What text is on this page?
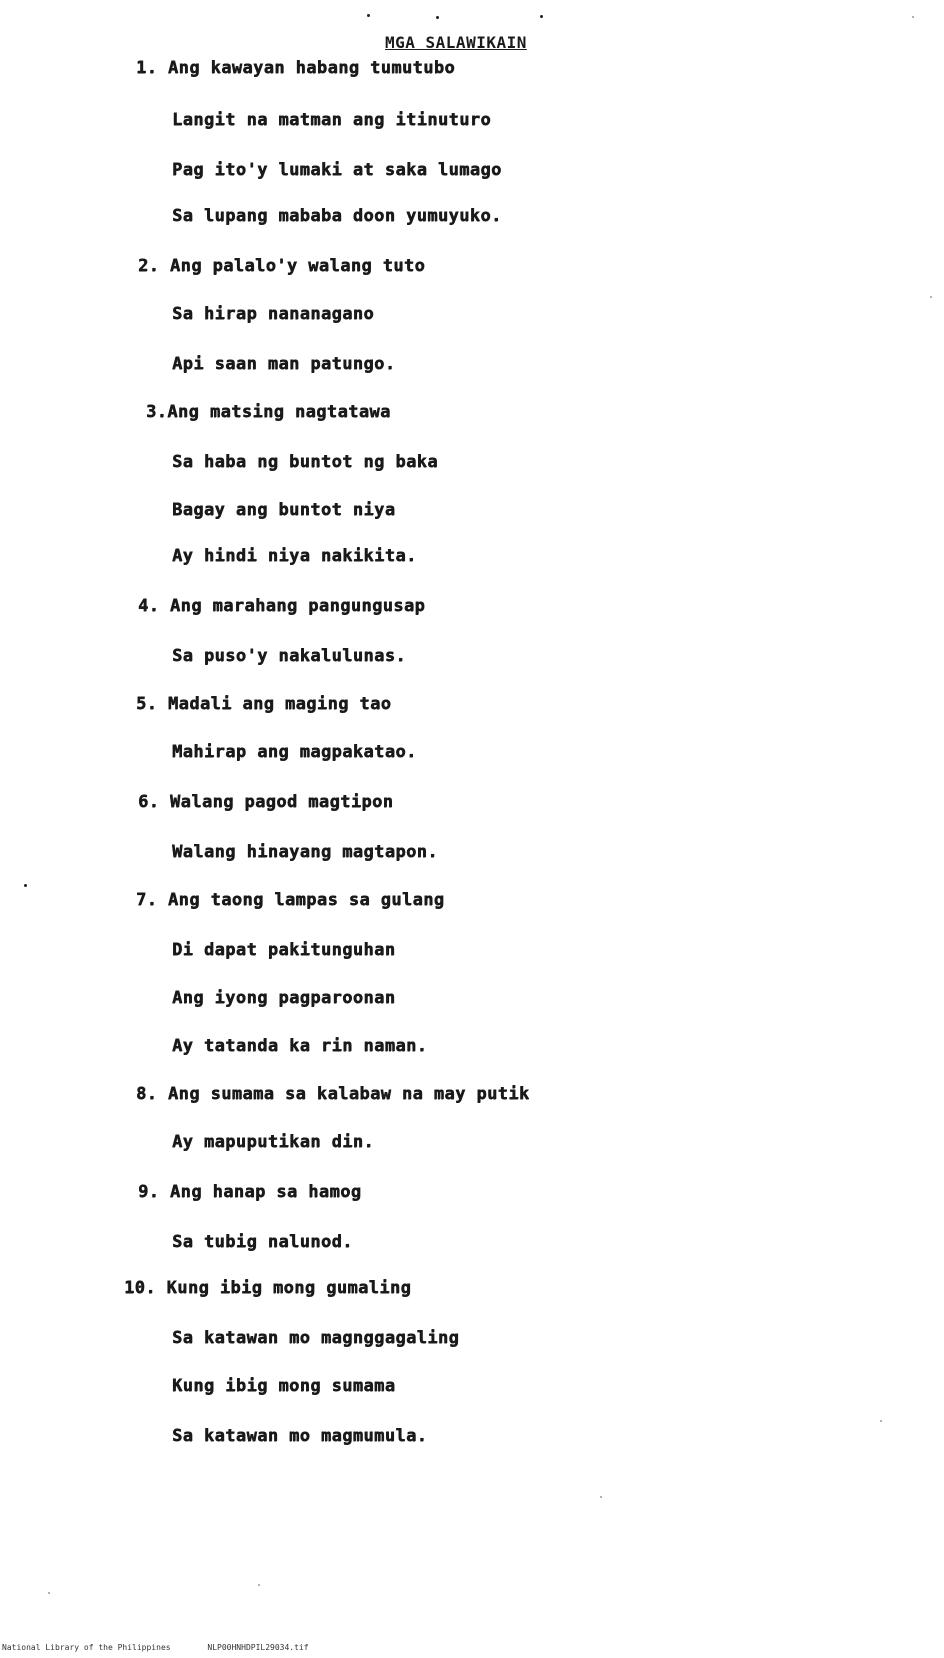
MGA SALAWIKAIN
1. Ang kawayan habang tumutubo
Langit na matman ang itinuturo
Pag ito'y lumaki at saka lumago
Sa lupang mababa doon yumuyuko.
2. Ang palalo'y walang tuto
Sa hirap nananagano
Api saan man patungo.
3.Ang matsing nagtatawa
Sa haba ng buntot ng baka
Bagay ang buntot niya
Ay hindi niya nakikita.
4. Ang marahang pangungusap
Sa puso'y nakalulunas.
5. Madali ang maging tao
Mahirap ang magpakatao.
6. Walang pagod magtipon
Walang hinayang magtapon.
7. Ang taong lampas sa gulang
Di dapat pakitunguhan
Ang iyong pagparoonan
Ay tatanda ka rin naman.
8. Ang sumama sa kalabaw na may putik
Ay mapuputikan din.
9. Ang hanap sa hamog
Sa tubig nalunod.
10. Kung ibig mong gumaling
Sa katawan mo magnggagaling
Kung ibig mong sumama
Sa katawan mo magmumula.
National Library of the Philippines	NLP00HNHDPIL29034.tif
